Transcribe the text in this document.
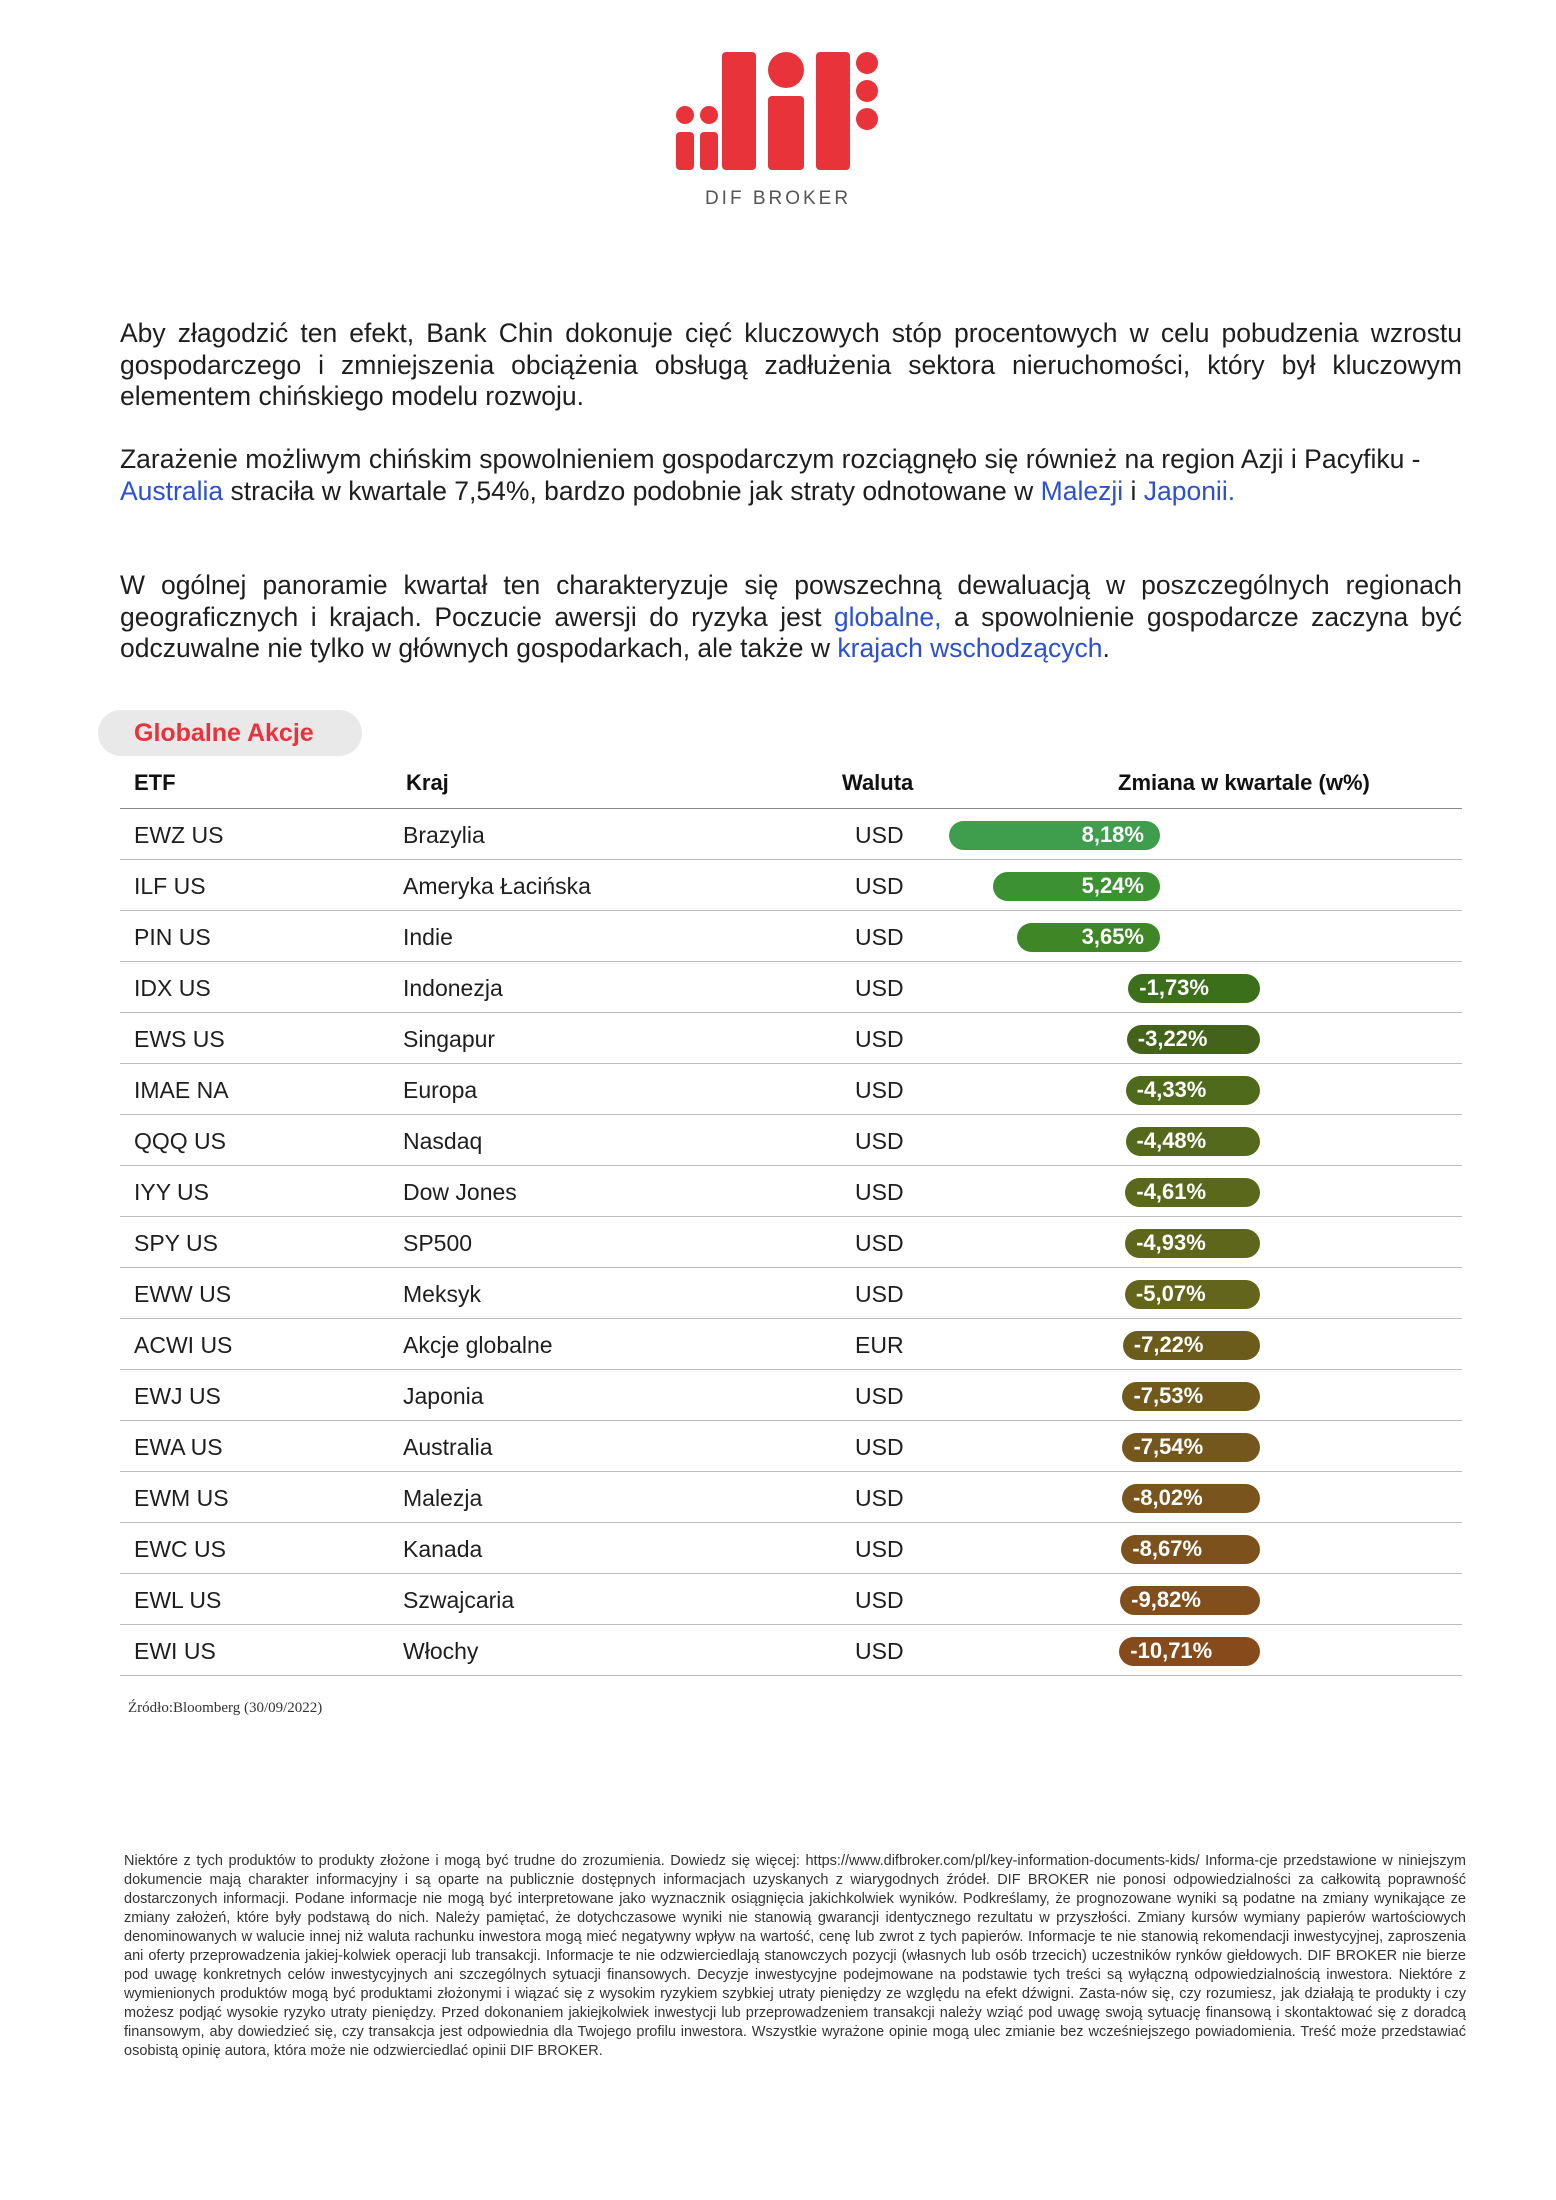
DIF BROKER

Aby złagodzić ten efekt, Bank Chin dokonuje cięć kluczowych stóp procentowych w celu pobudzenia wzrostu gospodarczego i zmniejszenia obciążenia obsługą zadłużenia sektora nieruchomości, który był kluczowym elementem chińskiego modelu rozwoju.

Zarażenie możliwym chińskim spowolnieniem gospodarczym rozciągnęło się również na region Azji i Pacyfiku - Australia straciła w kwartale 7,54%, bardzo podobnie jak straty odnotowane w Malezji i Japonii.

W ogólnej panoramie kwartał ten charakteryzuje się powszechną dewaluacją w poszczególnych regionach geograficznych i krajach. Poczucie awersji do ryzyka jest globalne, a spowolnienie gospodarcze zaczyna być odczuwalne nie tylko w głównych gospodarkach, ale także w krajach wschodzących.

Globalne Akcje
ETF	Kraj	Waluta	Zmiana w kwartale (w%)
EWZ US	Brazylia	USD	8,18%
ILF US	Ameryka Łacińska	USD	5,24%
PIN US	Indie	USD	3,65%
IDX US	Indonezja	USD	-1,73%
EWS US	Singapur	USD	-3,22%
IMAE NA	Europa	USD	-4,33%
QQQ US	Nasdaq	USD	-4,48%
IYY US	Dow Jones	USD	-4,61%
SPY US	SP500	USD	-4,93%
EWW US	Meksyk	USD	-5,07%
ACWI US	Akcje globalne	EUR	-7,22%
EWJ US	Japonia	USD	-7,53%
EWA US	Australia	USD	-7,54%
EWM US	Malezja	USD	-8,02%
EWC US	Kanada	USD	-8,67%
EWL US	Szwajcaria	USD	-9,82%
EWI US	Włochy	USD	-10,71%
Źródło:Bloomberg (30/09/2022)

Niektóre z tych produktów to produkty złożone i mogą być trudne do zrozumienia. Dowiedz się więcej: https://www.difbroker.com/pl/key-information-documents-kids/ Informa-cje przedstawione w niniejszym dokumencie mają charakter informacyjny i są oparte na publicznie dostępnych informacjach uzyskanych z wiarygodnych źródeł. DIF BROKER nie ponosi odpowiedzialności za całkowitą poprawność dostarczonych informacji. Podane informacje nie mogą być interpretowane jako wyznacznik osiągnięcia jakichkolwiek wyników. Podkreślamy, że prognozowane wyniki są podatne na zmiany wynikające ze zmiany założeń, które były podstawą do nich. Należy pamiętać, że dotychczasowe wyniki nie stanowią gwarancji identycznego rezultatu w przyszłości. Zmiany kursów wymiany papierów wartościowych denominowanych w walucie innej niż waluta rachunku inwestora mogą mieć negatywny wpływ na wartość, cenę lub zwrot z tych papierów. Informacje te nie stanowią rekomendacji inwestycyjnej, zaproszenia ani oferty przeprowadzenia jakiej-kolwiek operacji lub transakcji. Informacje te nie odzwierciedlają stanowczych pozycji (własnych lub osób trzecich) uczestników rynków giełdowych. DIF BROKER nie bierze pod uwagę konkretnych celów inwestycyjnych ani szczególnych sytuacji finansowych. Decyzje inwestycyjne podejmowane na podstawie tych treści są wyłączną odpowiedzialnością inwestora. Niektóre z wymienionych produktów mogą być produktami złożonymi i wiązać się z wysokim ryzykiem szybkiej utraty pieniędzy ze względu na efekt dźwigni. Zasta-nów się, czy rozumiesz, jak działają te produkty i czy możesz podjąć wysokie ryzyko utraty pieniędzy. Przed dokonaniem jakiejkolwiek inwestycji lub przeprowadzeniem transakcji należy wziąć pod uwagę swoją sytuację finansową i skontaktować się z doradcą finansowym, aby dowiedzieć się, czy transakcja jest odpowiednia dla Twojego profilu inwestora. Wszystkie wyrażone opinie mogą ulec zmianie bez wcześniejszego powiadomienia. Treść może przedstawiać osobistą opinię autora, która może nie odzwierciedlać opinii DIF BROKER.
